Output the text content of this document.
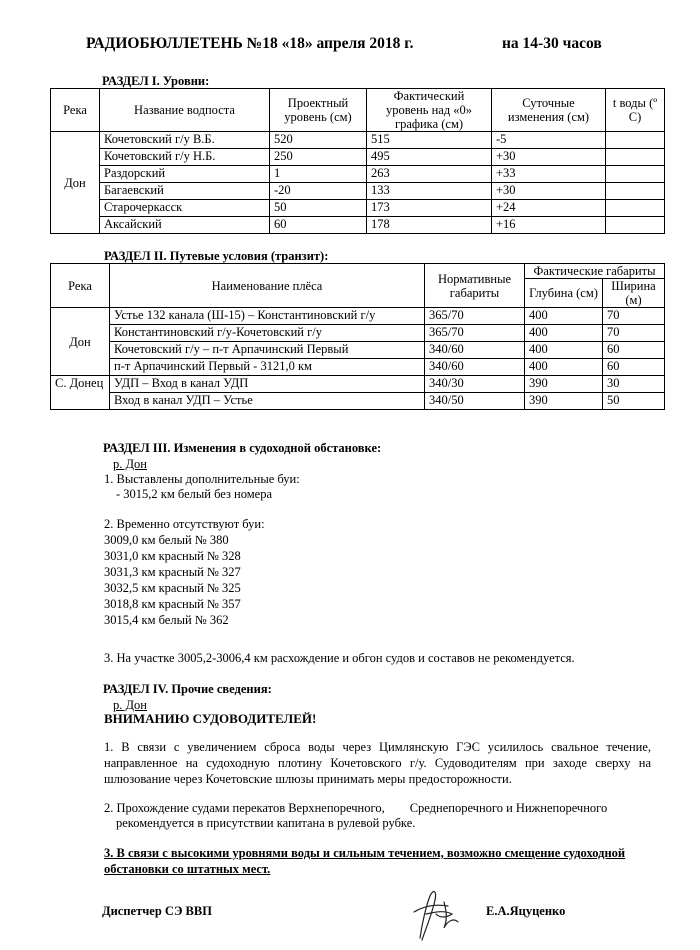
РАДИОБЮЛЛЕТЕНЬ №18 «18» апреля 2018 г.	на 14-30 часов
РАЗДЕЛ I. Уровни:
Река	Название водпоста	Проектный уровень (см)	Фактический уровень над «0» графика (см)	Суточные изменения (см)	t воды (º С)
Дон	Кочетовский г/у В.Б.	520	515	-5	
	Кочетовский г/у Н.Б.	250	495	+30	
	Раздорский	1	263	+33	
	Багаевский	-20	133	+30	
	Старочеркасск	50	173	+24	
	Аксайский	60	178	+16	
РАЗДЕЛ II. Путевые условия (транзит):
Река	Наименование плёса	Нормативные габариты	Фактические габариты	
			Глубина (см)	Ширина (м)
Дон	Устье 132 канала (Ш-15) – Константиновский г/у	365/70	400	70
	Константиновский г/у-Кочетовский г/у	365/70	400	70
	Кочетовский г/у – п-т Арпачинский Первый	340/60	400	60
	п-т Арпачинский Первый - 3121,0 км	340/60	400	60
С. Донец	УДП – Вход в канал УДП	340/30	390	30
	Вход в канал УДП – Устье	340/50	390	50
РАЗДЕЛ III. Изменения в судоходной обстановке:
р. Дон
1. Выставлены дополнительные буи:
- 3015,2 км белый без номера
2. Временно отсутствуют буи:
3009,0 км белый № 380
3031,0 км красный № 328
3031,3 км красный № 327
3032,5 км красный № 325
3018,8 км красный № 357
3015,4 км белый № 362
3. На участке 3005,2-3006,4 км расхождение и обгон судов и составов не рекомендуется.
РАЗДЕЛ IV. Прочие сведения:
р. Дон
ВНИМАНИЮ СУДОВОДИТЕЛЕЙ!
1. В связи с увеличением сброса воды через Цимлянскую ГЭС усилилось свальное течение, направленное на судоходную плотину Кочетовского г/у. Судоводителям при заходе сверху на шлюзование через Кочетовские шлюзы принимать меры предосторожности.
2. Прохождение судами перекатов Верхнепоречного,        Среднепоречного и Нижнепоречного
рекомендуется в присутствии капитана в рулевой рубке.
3. В связи с высокими уровнями воды и сильным течением, возможно смещение судоходной обстановки со штатных мест.
Диспетчер СЭ ВВП	Е.А.Яцуценко
